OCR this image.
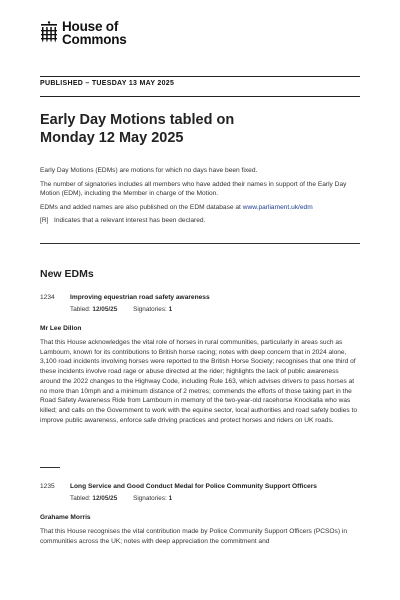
House of
Commons
PUBLISHED – TUESDAY 13 MAY 2025
Early Day Motions tabled on
Monday 12 May 2025

Early Day Motions (EDMs) are motions for which no days have been fixed.

The number of signatories includes all members who have added their names in support of the Early Day Motion (EDM), including the Member in charge of the Motion.

EDMs and added names are also published on the EDM database at www.parliament.uk/edm

[R] Indicates that a relevant interest has been declared.

New EDMs
1234	Improving equestrian road safety awareness
Tabled: 12/05/25 Signatories: 1
Mr Lee Dillon
That this House acknowledges the vital role of horses in rural communities, particularly in areas such as Lambourn, known for its contributions to British horse racing; notes with deep concern that in 2024 alone, 3,100 road incidents involving horses were reported to the British Horse Society; recognises that one third of these incidents involve road rage or abuse directed at the rider; highlights the lack of public awareness around the 2022 changes to the Highway Code, including Rule 163, which advises drivers to pass horses at no more than 10mph and a minimum distance of 2 metres; commends the efforts of those taking part in the Road Safety Awareness Ride from Lambourn in memory of the two-year-old racehorse Knockalla who was killed; and calls on the Government to work with the equine sector, local authorities and road safety bodies to improve public awareness, enforce safe driving practices and protect horses and riders on UK roads.
1235	Long Service and Good Conduct Medal for Police Community Support Officers
Tabled: 12/05/25 Signatories: 1
Grahame Morris
That this House recognises the vital contribution made by Police Community Support Officers (PCSOs) in communities across the UK; notes with deep appreciation the commitment and
